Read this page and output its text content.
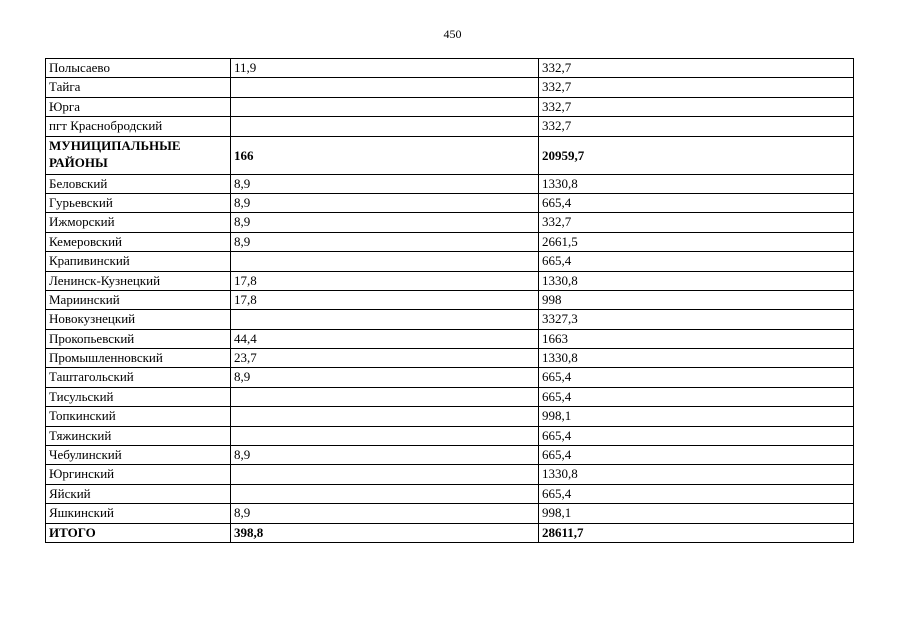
450
Полысаево	11,9	332,7
Тайга		332,7
Юрга		332,7
пгт Краснобродский		332,7
МУНИЦИПАЛЬНЫЕ РАЙОНЫ	166	20959,7
Беловский	8,9	1330,8
Гурьевский	8,9	665,4
Ижморский	8,9	332,7
Кемеровский	8,9	2661,5
Крапивинский		665,4
Ленинск-Кузнецкий	17,8	1330,8
Мариинский	17,8	998
Новокузнецкий		3327,3
Прокопьевский	44,4	1663
Промышленновский	23,7	1330,8
Таштагольский	8,9	665,4
Тисульский		665,4
Топкинский		998,1
Тяжинский		665,4
Чебулинский	8,9	665,4
Юргинский		1330,8
Яйский		665,4
Яшкинский	8,9	998,1
ИТОГО	398,8	28611,7
